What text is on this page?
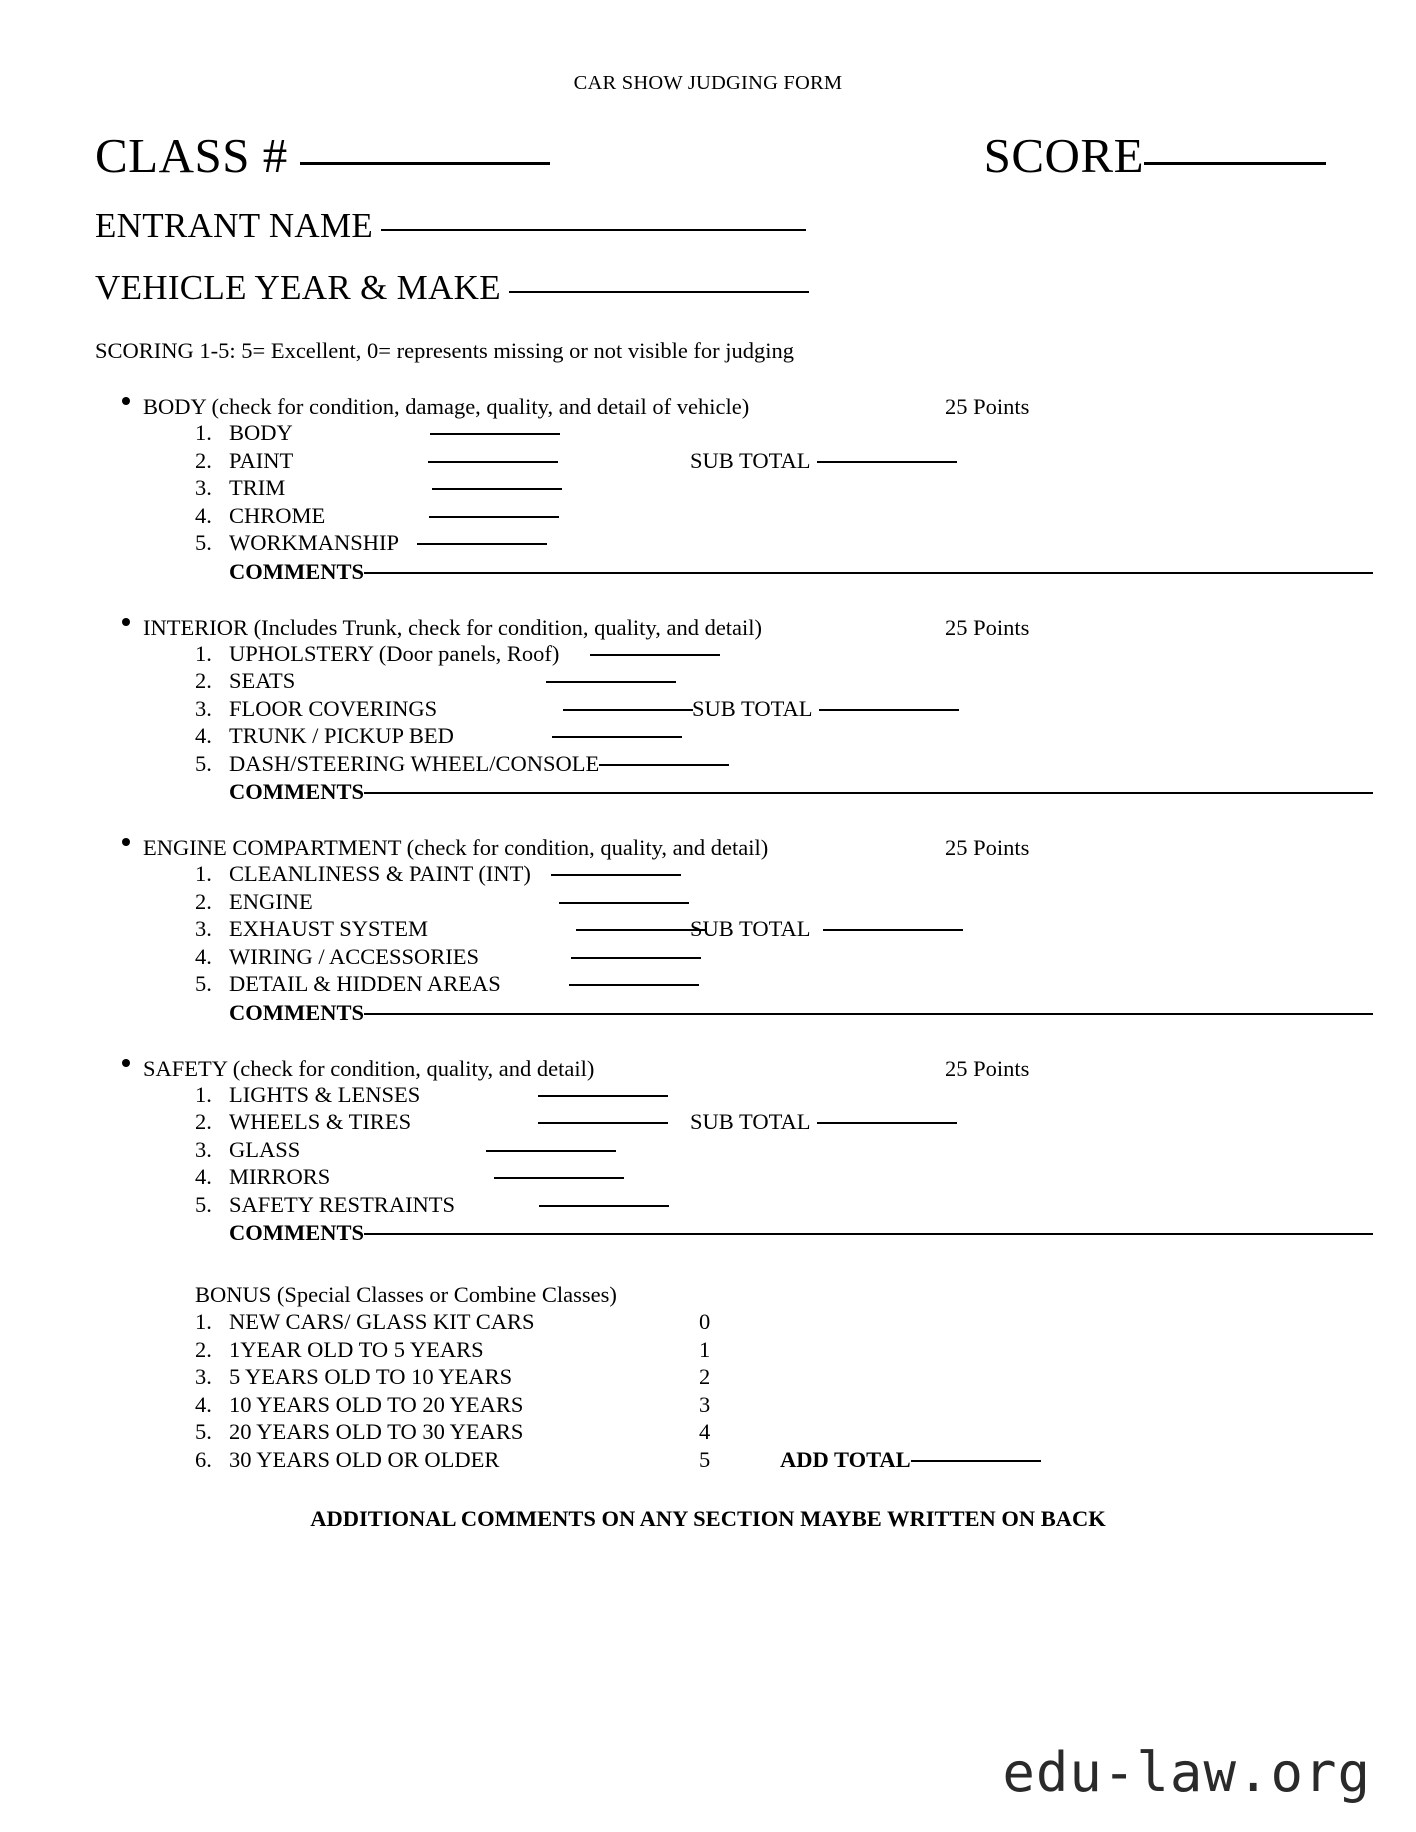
CAR SHOW JUDGING FORM
CLASS #	SCORE
ENTRANT NAME
VEHICLE YEAR & MAKE
SCORING 1-5: 5= Excellent, 0= represents missing or not visible for judging
BODY (check for condition, damage, quality, and detail of vehicle)	25 Points
1. BODY
2. PAINT	SUB TOTAL
3. TRIM
4. CHROME
5. WORKMANSHIP
COMMENTS
INTERIOR (Includes Trunk, check for condition, quality, and detail)	25 Points
1. UPHOLSTERY (Door panels, Roof)
2. SEATS
3. FLOOR COVERINGS	SUB TOTAL
4. TRUNK / PICKUP BED
5. DASH/STEERING WHEEL/CONSOLE
COMMENTS
ENGINE COMPARTMENT (check for condition, quality, and detail)	25 Points
1. CLEANLINESS & PAINT (INT)
2. ENGINE
3. EXHAUST SYSTEM	SUB TOTAL
4. WIRING / ACCESSORIES
5. DETAIL & HIDDEN AREAS
COMMENTS
SAFETY (check for condition, quality, and detail)	25 Points
1. LIGHTS & LENSES
2. WHEELS & TIRES	SUB TOTAL
3. GLASS
4. MIRRORS
5. SAFETY RESTRAINTS
COMMENTS
BONUS (Special Classes or Combine Classes)
1. NEW CARS/ GLASS KIT CARS	0
2. 1YEAR OLD TO 5 YEARS	1
3. 5 YEARS OLD TO 10 YEARS	2
4. 10 YEARS OLD TO 20 YEARS	3
5. 20 YEARS OLD TO 30 YEARS	4
6. 30 YEARS OLD OR OLDER	5	ADD TOTAL
ADDITIONAL COMMENTS ON ANY SECTION MAYBE WRITTEN ON BACK
edu-law.org
